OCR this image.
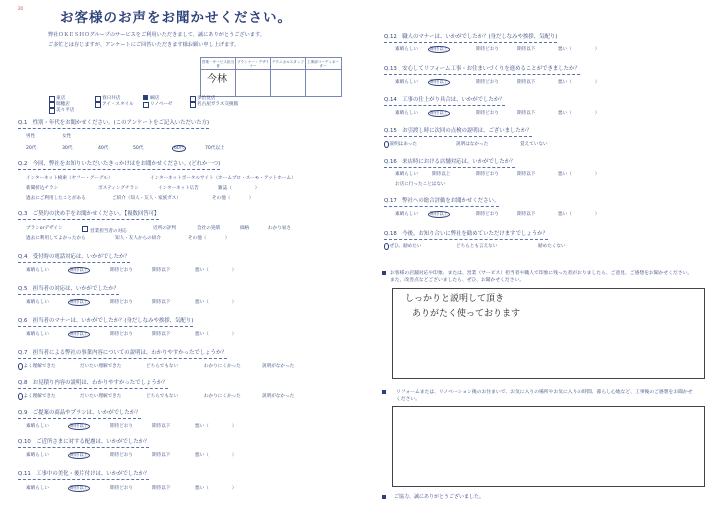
20
お客様のお声をお聞かせください。
弊社ＯＫＥＳＨＯグループのサービスをご利用いただきまして、誠にありがとうございます。
ご多忙とは存じますが、アンケートにご回答いただきます様お願い申し上げます。
営業・サービス担当者
プランナー・デザイナー
テクニカルスタッフ 工事部コーディネーター
今林
東店	春日井店	綱店	多治見店
瑞穂店	アイ・スタイル	リノベーゼ	名古屋ガラス交換館
美々平店
Q.1　性別・年代をお聞かせください。(このアンケートをご記入いただいた方)
男性	女性
20代	30代	40代	50代	60代	70代以上
Q.2　今回、弊社をお知りいただいたきっかけはをお聞かせください。(どれか一つ)
インターネット検索（ヤフー・グーグル）	インターネットポータルサイト（ホームプロ・スーモ・アットホーム）
新聞折込チラシ	ポスティングチラシ	インターネット広告	雑誌（　　　　　）
過去にご利用したことがある	ご紹介（知人・友人・家族ガス）	その他（　　　　）
Q.3　ご契約の決め手をお聞かせください。【複数回答可】
プランorデザイン
営業担当者の対応
近所の評判	会社の実績	価格	わかり易さ
過去に利用してよかったから	知人・友人からの紹介	その他（　　　　）
Q.4　受付時の電話対応は、いかがでしたか？
素晴らしい	期待以上	期待どおり	期待以下	悪い（　　　　　）
Q.5　担当者の対応は、いかがでしたか？
素晴らしい	期待以上	期待どおり	期待以下	悪い（　　　　　）
Q.6　担当者のマナーは、いかがでしたか？(身だしなみや挨拶、気配り)
素晴らしい	期待以上	期待どおり	期待以下	悪い（　　　　　）
Q.7　担当者による弊社の事業内容についての説明は、わかりやすかったでしょうか？
よく理解できた	だいたい理解できた	どちらでもない	わかりにくかった	説明がなかった
Q.8　お見積り内容の説明は、わかりやすかったでしょうか？
よく理解できた	だいたい理解できた	どちらでもない	わかりにくかった	説明がなかった
Q.9　ご提案の商品やプランは、いかがでしたか？
素晴らしい	期待以上	期待どおり	期待以下	悪い（　　　　　）
Q.10　ご近所さまに対する配慮は、いかがでしたか？
素晴らしい	期待以上	期待どおり	期待以下	悪い（　　　　　）
Q.11　工事中の美化・後片付けは、いかがでしたか？
素晴らしい	期待以上	期待どおり	期待以下	悪い（　　　　　）
Q.12　職人のマナーは、いかがでしたか？(身だしなみや挨拶、気配り)
素晴らしい	期待以上	期待どおり	期待以下	悪い（　　　　　）
Q.13　安心してリフォーム工事・お住まいづくりを進めることができましたか？
素晴らしい	期待以上	期待どおり	期待以下	悪い（　　　　　）
Q.14　工事の仕上がり具合は、いかがでしたか？
素晴らしい	期待以上	期待どおり	期待以下	悪い（　　　　　）
Q.15　お引渡し時に次回の点検の説明は、ございましたか？
説明はあった	説明はなかった	覚えていない
Q.16　来店時における店舗対応は、いかがでしたか？
素晴らしい	期待以上	期待どおり	期待以下	悪い（　　　　　）
お店に行ったことはない
Q.17　弊社への総合評価をお聞かせください。
素晴らしい	期待以上	期待どおり	期待以下	悪い（　　　　　）
Q.18　今後、お知り合いに弊社を勧めていただけますでしょうか？
ぜひ、勧めたい	どちらとも言えない	勧めたくない
お客様の店舗対応や印象、または、営業（サービス）担当者や職人で印象に残った者がおりましたら、ご意見、ご感想をお聞かせください。また、改善点などございましたら、ぜひ、お聞かせください。
しっかりと説明して頂き
ありがたく使っております
リフォームまたは、リノベーション後のお住まいで、お気に入りの場所やお気に入りの時間、暮らし心地など、工事後のご感想をお聞かせください。
ご協力、誠にありがとうございました。
